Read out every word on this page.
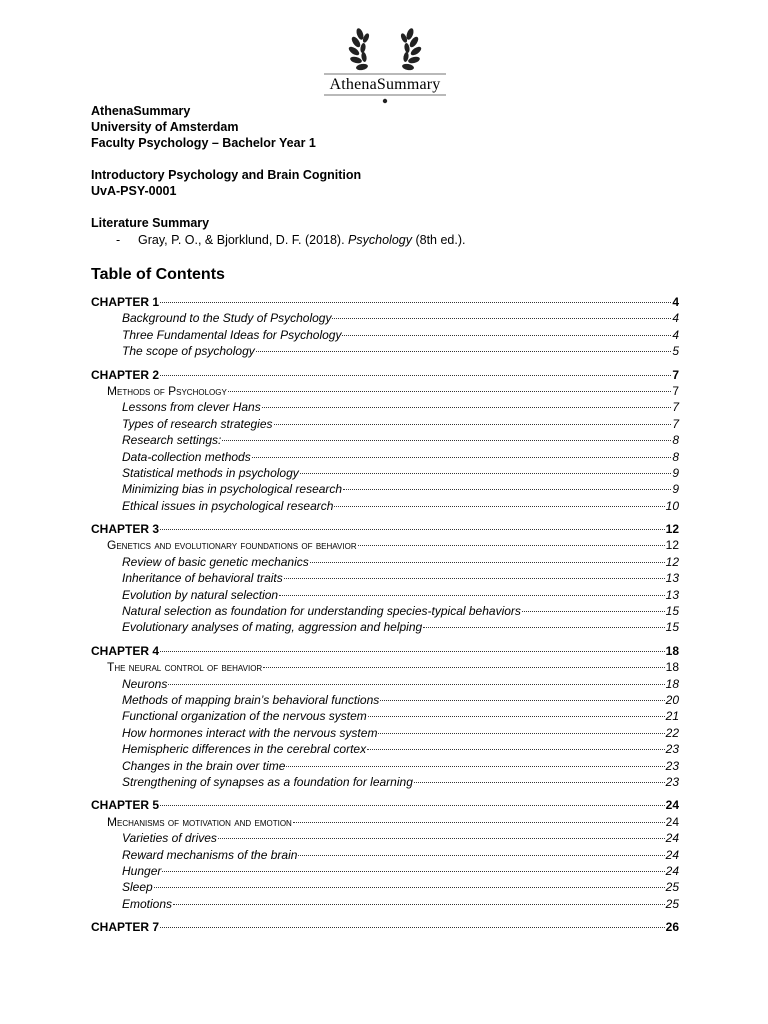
AthenaSummary
AthenaSummary
University of Amsterdam
Faculty Psychology – Bachelor Year 1
Introductory Psychology and Brain Cognition
UvA-PSY-0001
Literature Summary
- Gray, P. O., & Bjorklund, D. F. (2018). Psychology (8th ed.).
Table of Contents
CHAPTER 1	4
Background to the Study of Psychology	4
Three Fundamental Ideas for Psychology	4
The scope of psychology	5
CHAPTER 2	7
Methods of Psychology	7
Lessons from clever Hans	7
Types of research strategies	7
Research settings:	8
Data-collection methods	8
Statistical methods in psychology	9
Minimizing bias in psychological research	9
Ethical issues in psychological research	10
CHAPTER 3	12
Genetics and evolutionary foundations of behavior	12
Review of basic genetic mechanics	12
Inheritance of behavioral traits	13
Evolution by natural selection	13
Natural selection as foundation for understanding species-typical behaviors	15
Evolutionary analyses of mating, aggression and helping	15
CHAPTER 4	18
The neural control of behavior	18
Neurons	18
Methods of mapping brain’s behavioral functions	20
Functional organization of the nervous system	21
How hormones interact with the nervous system	22
Hemispheric differences in the cerebral cortex	23
Changes in the brain over time	23
Strengthening of synapses as a foundation for learning	23
CHAPTER 5	24
Mechanisms of motivation and emotion	24
Varieties of drives	24
Reward mechanisms of the brain	24
Hunger	24
Sleep	25
Emotions	25
CHAPTER 7	26
